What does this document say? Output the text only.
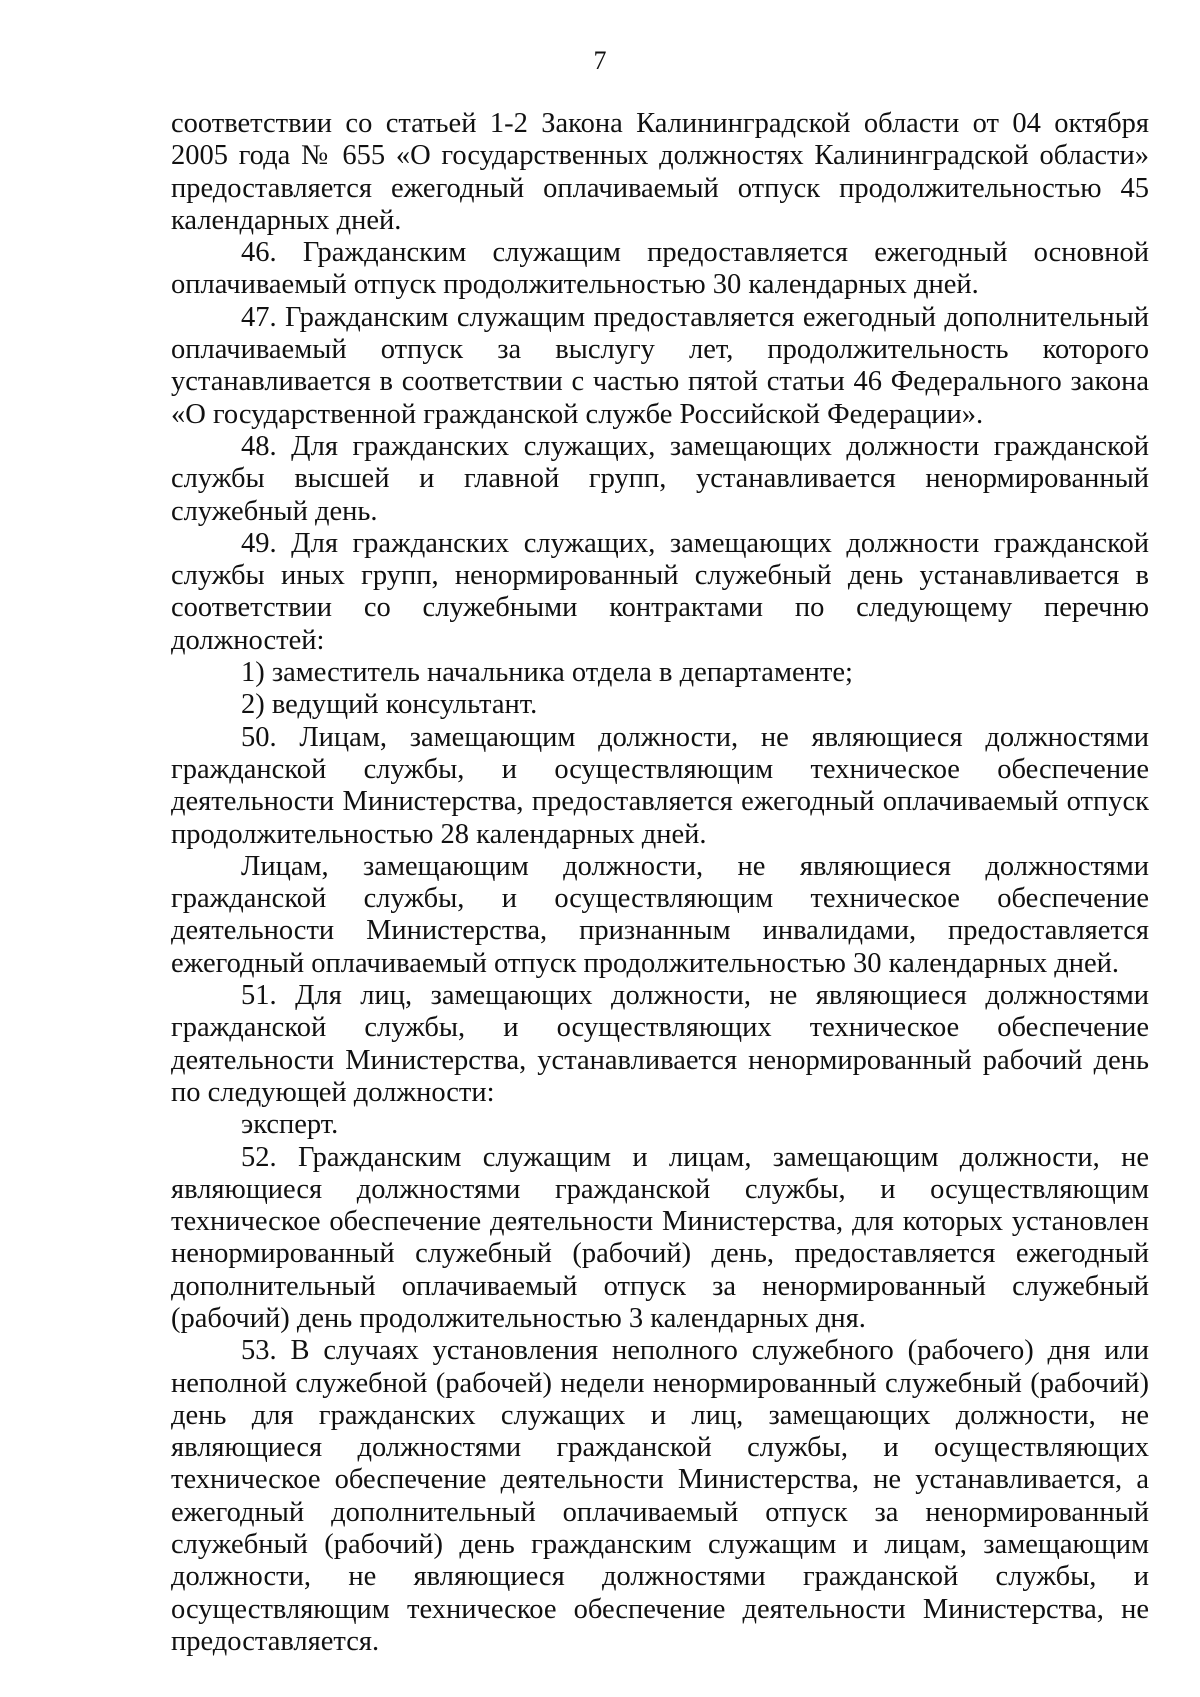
7

соответствии со статьей 1-2 Закона Калининградской области от 04 октября 2005 года № 655 «О государственных должностях Калининградской области» предоставляется ежегодный оплачиваемый отпуск продолжительностью 45 календарных дней.

46. Гражданским служащим предоставляется ежегодный основной оплачиваемый отпуск продолжительностью 30 календарных дней.

47. Гражданским служащим предоставляется ежегодный дополнительный оплачиваемый отпуск за выслугу лет, продолжительность которого устанавливается в соответствии с частью пятой статьи 46 Федерального закона «О государственной гражданской службе Российской Федерации».

48. Для гражданских служащих, замещающих должности гражданской службы высшей и главной групп, устанавливается ненормированный служебный день.

49. Для гражданских служащих, замещающих должности гражданской службы иных групп, ненормированный служебный день устанавливается в соответствии со служебными контрактами по следующему перечню должностей:

1) заместитель начальника отдела в департаменте;

2) ведущий консультант.

50. Лицам, замещающим должности, не являющиеся должностями гражданской службы, и осуществляющим техническое обеспечение деятельности Министерства, предоставляется ежегодный оплачиваемый отпуск продолжительностью 28 календарных дней.

Лицам, замещающим должности, не являющиеся должностями гражданской службы, и осуществляющим техническое обеспечение деятельности Министерства, признанным инвалидами, предоставляется ежегодный оплачиваемый отпуск продолжительностью 30 календарных дней.

51. Для лиц, замещающих должности, не являющиеся должностями гражданской службы, и осуществляющих техническое обеспечение деятельности Министерства, устанавливается ненормированный рабочий день по следующей должности:

эксперт.

52. Гражданским служащим и лицам, замещающим должности, не являющиеся должностями гражданской службы, и осуществляющим техническое обеспечение деятельности Министерства, для которых установлен ненормированный служебный (рабочий) день, предоставляется ежегодный дополнительный оплачиваемый отпуск за ненормированный служебный (рабочий) день продолжительностью 3 календарных дня.

53. В случаях установления неполного служебного (рабочего) дня или неполной служебной (рабочей) недели ненормированный служебный (рабочий) день для гражданских служащих и лиц, замещающих должности, не являющиеся должностями гражданской службы, и осуществляющих техническое обеспечение деятельности Министерства, не устанавливается, а ежегодный дополнительный оплачиваемый отпуск за ненормированный служебный (рабочий) день гражданским служащим и лицам, замещающим должности, не являющиеся должностями гражданской службы, и осуществляющим техническое обеспечение деятельности Министерства, не предоставляется.
